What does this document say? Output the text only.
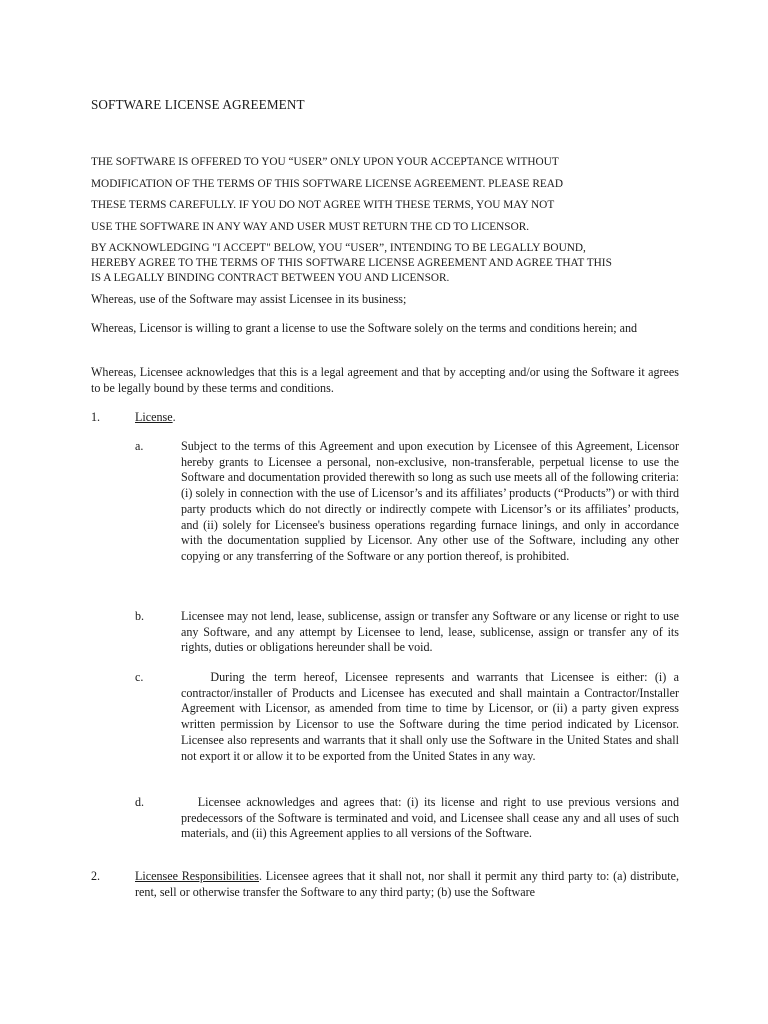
SOFTWARE LICENSE AGREEMENT
THE SOFTWARE IS OFFERED TO YOU “USER” ONLY UPON YOUR ACCEPTANCE WITHOUT
MODIFICATION OF THE TERMS OF THIS SOFTWARE LICENSE AGREEMENT. PLEASE READ
THESE TERMS CAREFULLY. IF YOU DO NOT AGREE WITH THESE TERMS, YOU MAY NOT
USE THE SOFTWARE IN ANY WAY AND USER MUST RETURN THE CD TO LICENSOR.
BY ACKNOWLEDGING "I ACCEPT" BELOW, YOU “USER”, INTENDING TO BE LEGALLY BOUND,
HEREBY AGREE TO THE TERMS OF THIS SOFTWARE LICENSE AGREEMENT AND AGREE THAT THIS
IS A LEGALLY BINDING CONTRACT BETWEEN YOU AND LICENSOR.
Whereas, use of the Software may assist Licensee in its business;
Whereas, Licensor is willing to grant a license to use the Software solely on the terms and conditions herein; and
Whereas, Licensee acknowledges that this is a legal agreement and that by accepting and/or using the Software it agrees to be legally bound by these terms and conditions.
1.	License.
a.	Subject to the terms of this Agreement and upon execution by Licensee of this Agreement, Licensor hereby grants to Licensee a personal, non-exclusive, non-transferable, perpetual license to use the Software and documentation provided therewith so long as such use meets all of the following criteria: (i) solely in connection with the use of Licensor’s and its affiliates’ products (“Products”) or with third party products which do not directly or indirectly compete with Licensor’s or its affiliates’ products, and (ii) solely for Licensee's business operations regarding furnace linings, and only in accordance with the documentation supplied by Licensor. Any other use of the Software, including any other copying or any transferring of the Software or any portion thereof, is prohibited.
b.	Licensee may not lend, lease, sublicense, assign or transfer any Software or any license or right to use any Software, and any attempt by Licensee to lend, lease, sublicense, assign or transfer any of its rights, duties or obligations hereunder shall be void.
c.	During the term hereof, Licensee represents and warrants that Licensee is either: (i) a contractor/installer of Products and Licensee has executed and shall maintain a Contractor/Installer Agreement with Licensor, as amended from time to time by Licensor, or (ii) a party given express written permission by Licensor to use the Software during the time period indicated by Licensor. Licensee also represents and warrants that it shall only use the Software in the United States and shall not export it or allow it to be exported from the United States in any way.
d.	Licensee acknowledges and agrees that: (i) its license and right to use previous versions and predecessors of the Software is terminated and void, and Licensee shall cease any and all uses of such materials, and (ii) this Agreement applies to all versions of the Software.
2.	Licensee Responsibilities. Licensee agrees that it shall not, nor shall it permit any third party to: (a) distribute, rent, sell or otherwise transfer the Software to any third party; (b) use the Software
